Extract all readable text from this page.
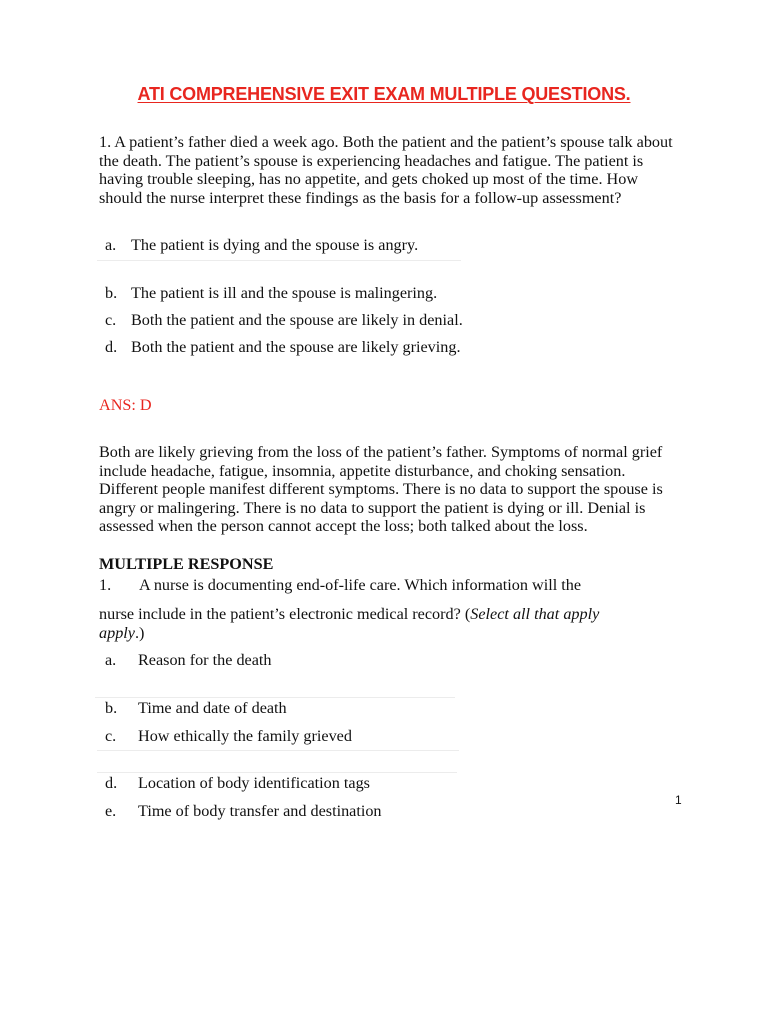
ATI COMPREHENSIVE EXIT EXAM MULTIPLE QUESTIONS.
1. A patient’s father died a week ago. Both the patient and the patient’s spouse talk about the death. The patient’s spouse is experiencing headaches and fatigue. The patient is having trouble sleeping, has no appetite, and gets choked up most of the time. How should the nurse interpret these findings as the basis for a follow-up assessment?
a. The patient is dying and the spouse is angry.
b. The patient is ill and the spouse is malingering.
c. Both the patient and the spouse are likely in denial.
d. Both the patient and the spouse are likely grieving.
ANS: D
Both are likely grieving from the loss of the patient’s father. Symptoms of normal grief include headache, fatigue, insomnia, appetite disturbance, and choking sensation. Different people manifest different symptoms. There is no data to support the spouse is angry or malingering. There is no data to support the patient is dying or ill. Denial is assessed when the person cannot accept the loss; both talked about the loss.
MULTIPLE RESPONSE
1. A nurse is documenting end-of-life care. Which information will the
nurse include in the patient’s electronic medical record? (Select all that apply
apply.)
a. Reason for the death
b. Time and date of death
c. How ethically the family grieved
d. Location of body identification tags
e. Time of body transfer and destination
1
